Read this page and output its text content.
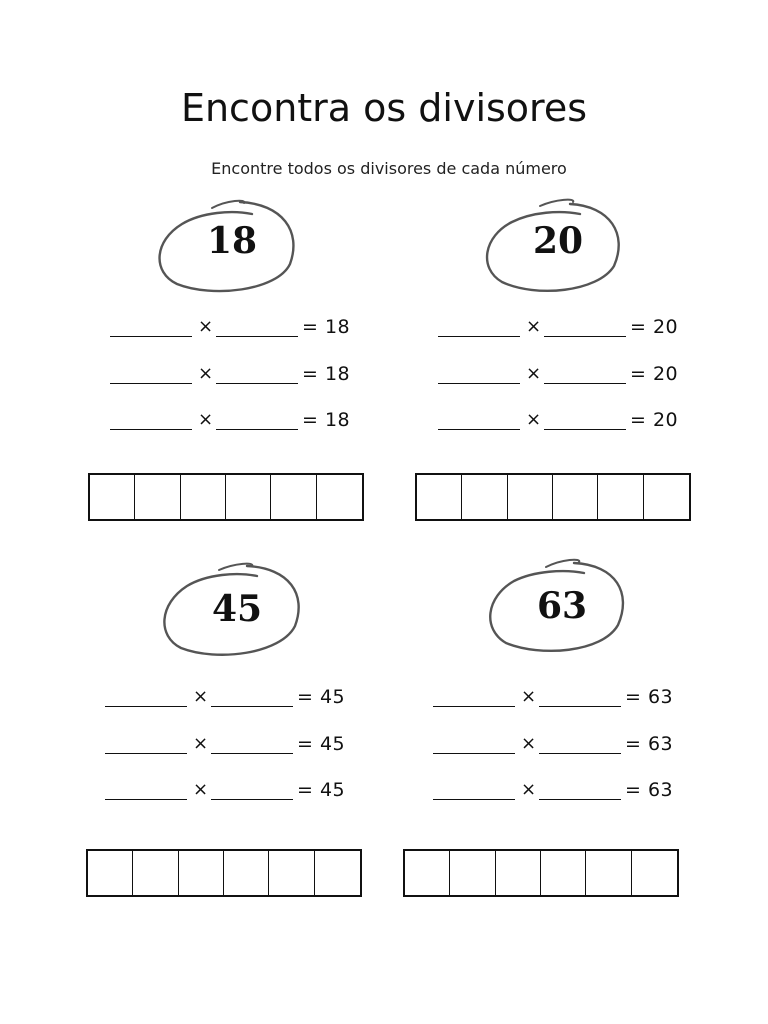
Encontra os divisores
Encontre todos os divisores de cada número
18
×	= 18
×	= 18
×	= 18
20
×	= 20
×	= 20
×	= 20
45
×	= 45
×	= 45
×	= 45
63
×	= 63
×	= 63
×	= 63
